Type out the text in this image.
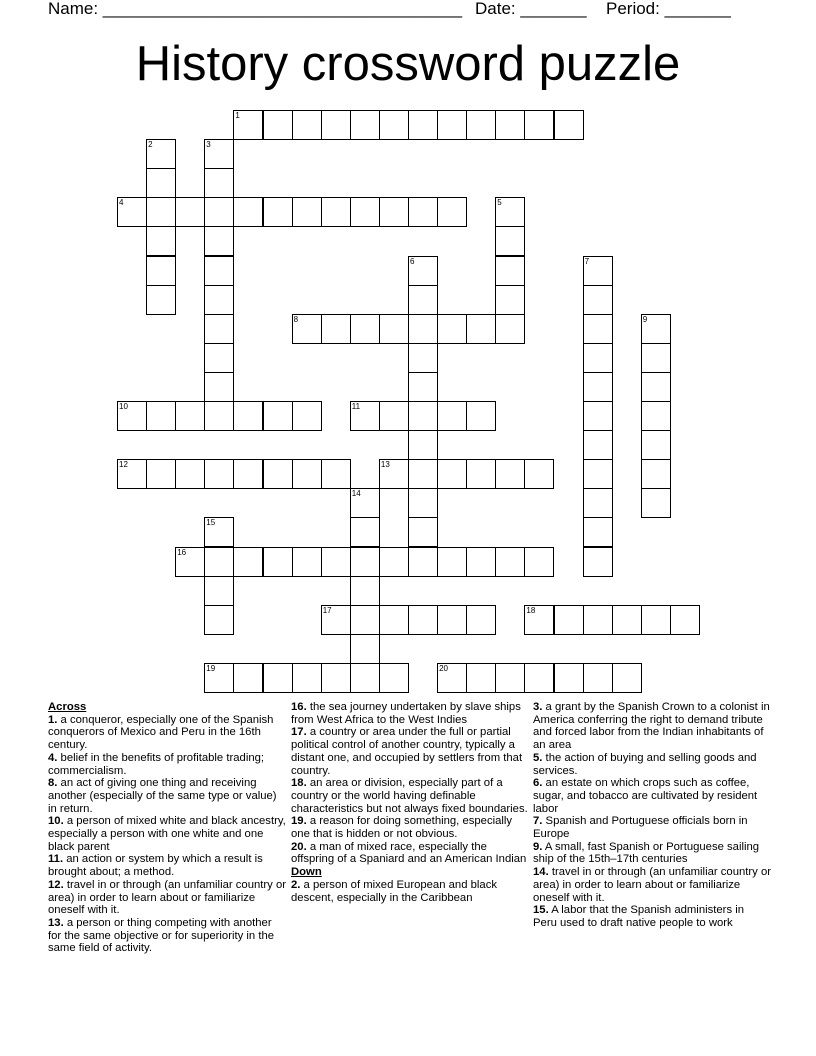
Name: ______________________________________ Date: _______ Period: _______
History crossword puzzle
1
2	3
4	5
6	7
8	9
10	11
12	13
14
15
16
17	18
19	20
Across
1. a conqueror, especially one of the Spanish conquerors of Mexico and Peru in the 16th century.
4. belief in the benefits of profitable trading; commercialism.
8. an act of giving one thing and receiving another (especially of the same type or value) in return.
10. a person of mixed white and black ancestry, especially a person with one white and one black parent
11. an action or system by which a result is brought about; a method.
12. travel in or through (an unfamiliar country or area) in order to learn about or familiarize oneself with it.
13. a person or thing competing with another for the same objective or for superiority in the same field of activity.
16. the sea journey undertaken by slave ships from West Africa to the West Indies
17. a country or area under the full or partial political control of another country, typically a distant one, and occupied by settlers from that country.
18. an area or division, especially part of a country or the world having definable characteristics but not always fixed boundaries.
19. a reason for doing something, especially one that is hidden or not obvious.
20. a man of mixed race, especially the offspring of a Spaniard and an American Indian
Down
2. a person of mixed European and black descent, especially in the Caribbean
3. a grant by the Spanish Crown to a colonist in America conferring the right to demand tribute and forced labor from the Indian inhabitants of an area
5. the action of buying and selling goods and services.
6. an estate on which crops such as coffee, sugar, and tobacco are cultivated by resident labor
7. Spanish and Portuguese officials born in Europe
9. A small, fast Spanish or Portuguese sailing ship of the 15th–17th centuries
14. travel in or through (an unfamiliar country or area) in order to learn about or familiarize oneself with it.
15. A labor that the Spanish administers in Peru used to draft native people to work
